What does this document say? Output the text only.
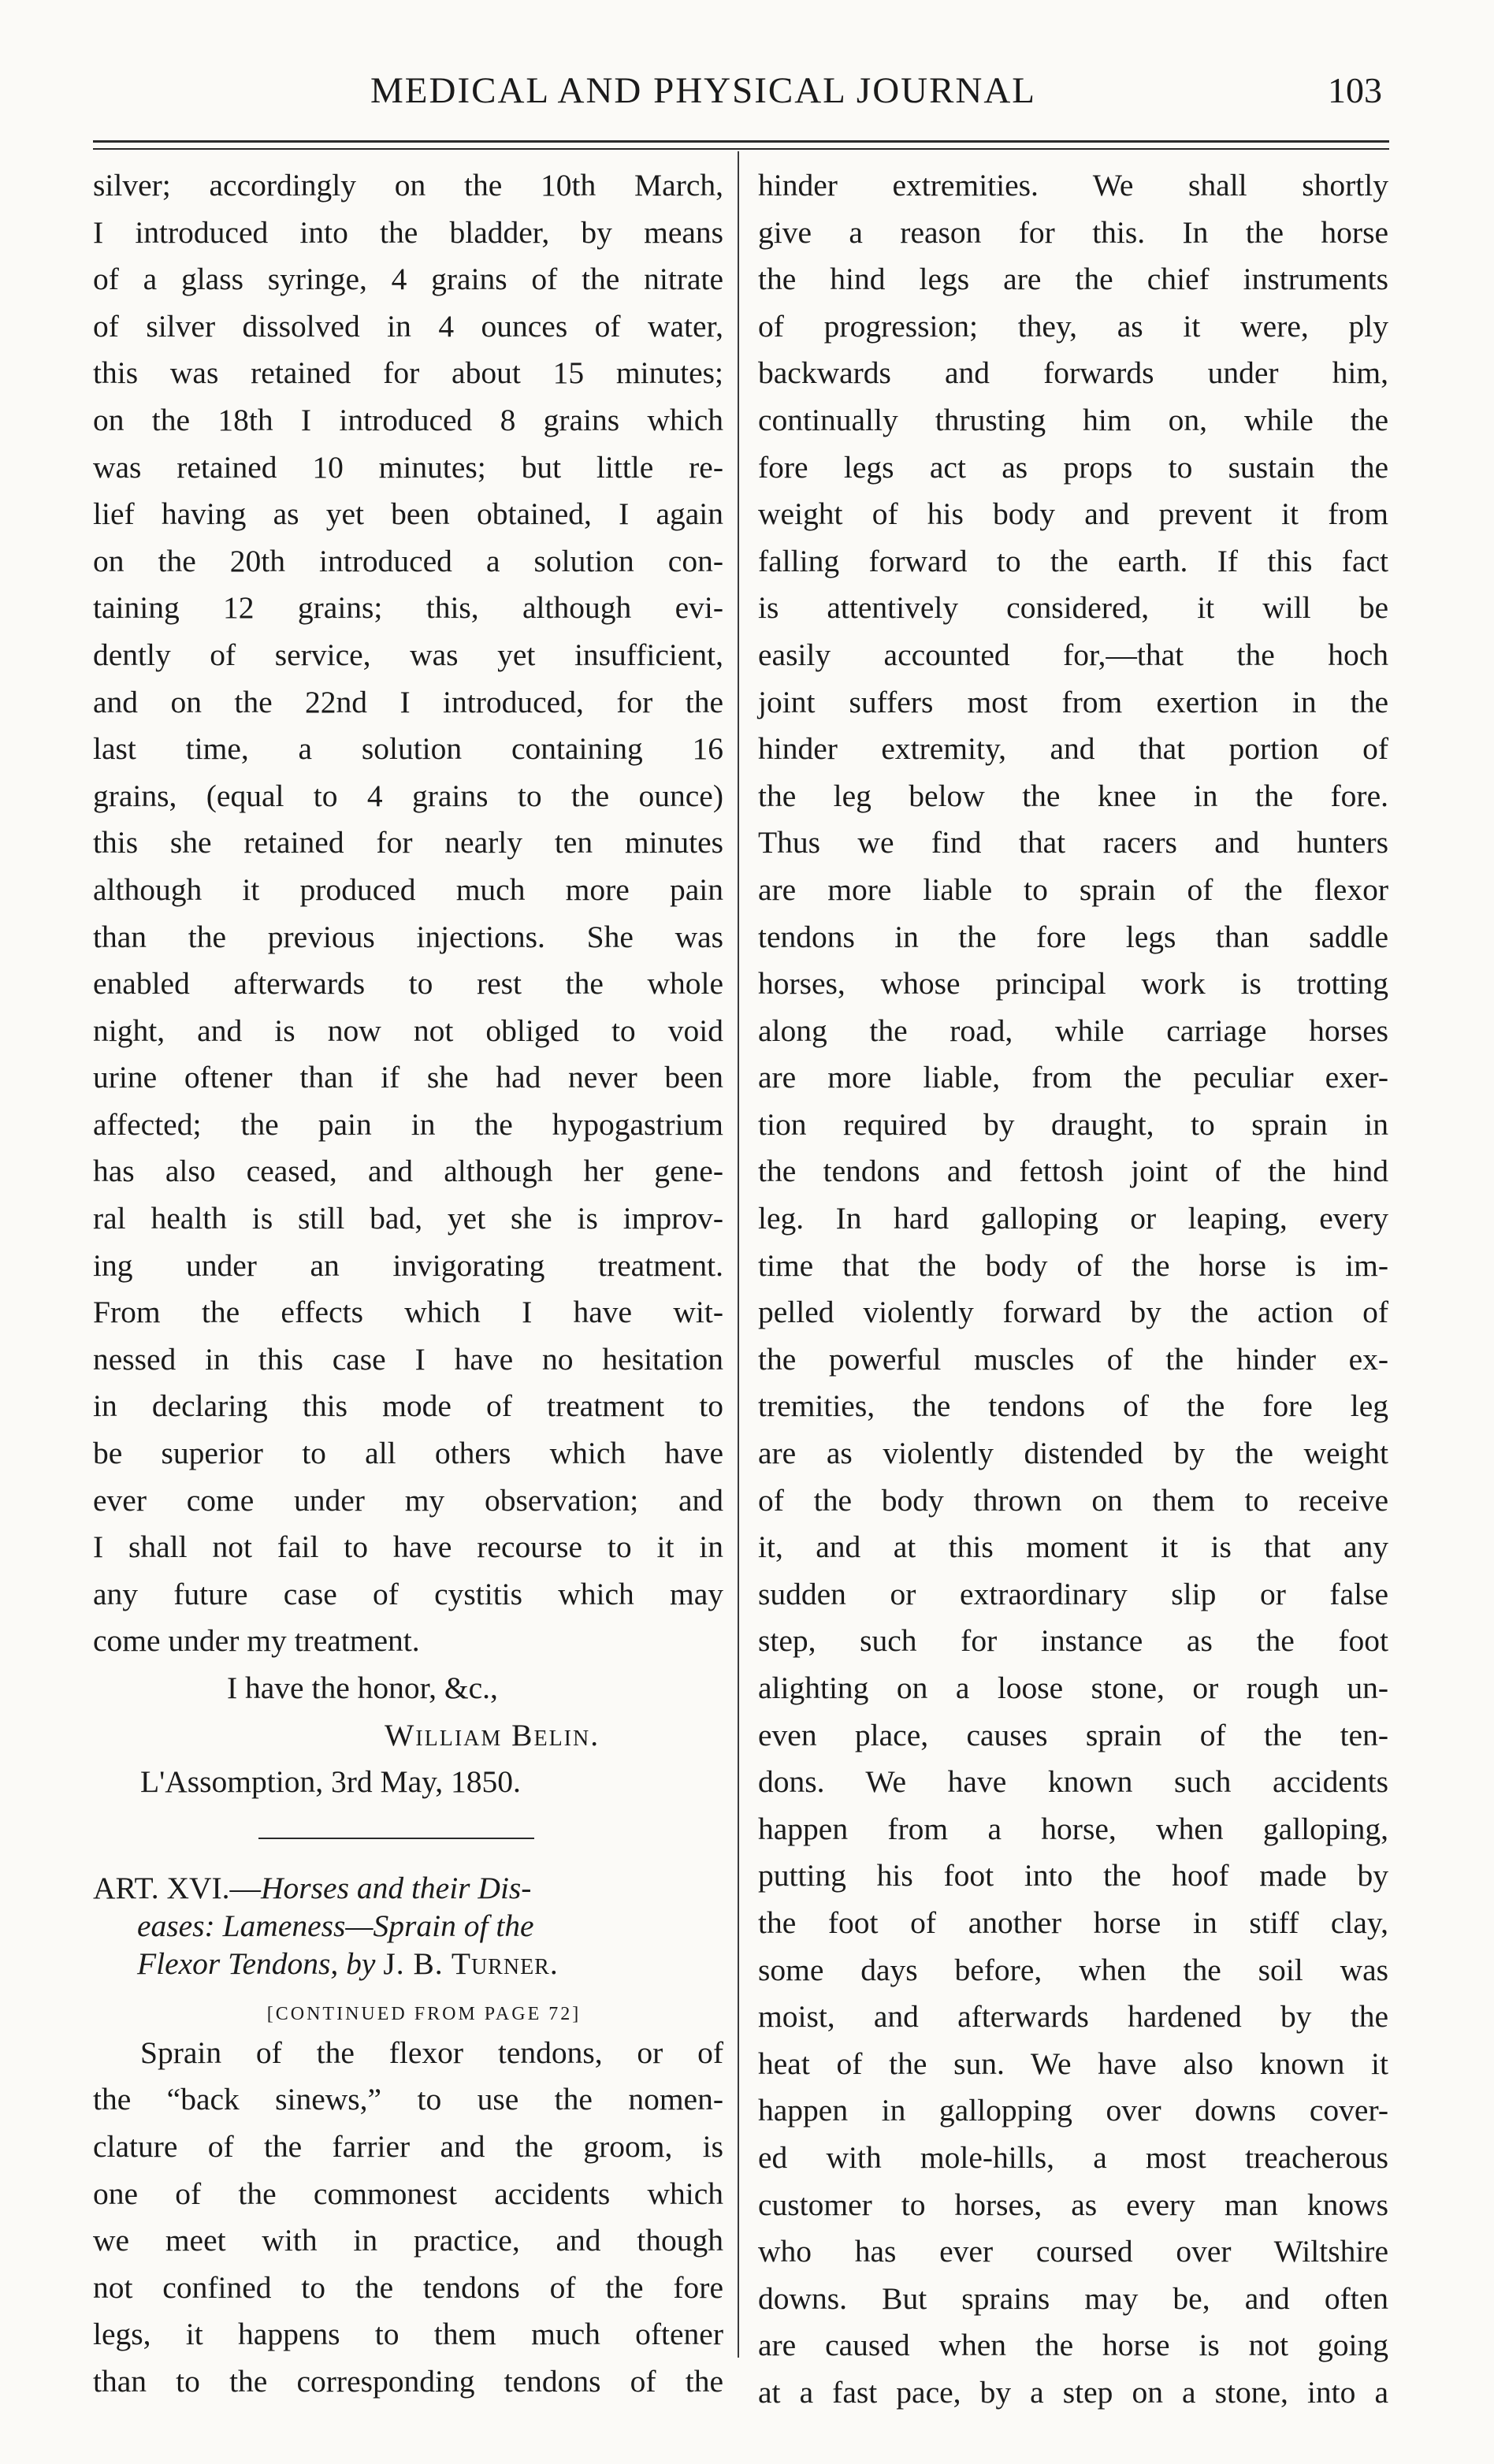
MEDICAL AND PHYSICAL JOURNAL	103
silver; accordingly on the 10th March,
I introduced into the bladder, by means
of a glass syringe, 4 grains of the nitrate
of silver dissolved in 4 ounces of water,
this was retained for about 15 minutes;
on the 18th I introduced 8 grains which
was retained 10 minutes; but little re-
lief having as yet been obtained, I again
on the 20th introduced a solution con-
taining 12 grains; this, although evi-
dently of service, was yet insufficient,
and on the 22nd I introduced, for the
last time, a solution containing 16
grains, (equal to 4 grains to the ounce)
this she retained for nearly ten minutes
although it produced much more pain
than the previous injections. She was
enabled afterwards to rest the whole
night, and is now not obliged to void
urine oftener than if she had never been
affected; the pain in the hypogastrium
has also ceased, and although her gene-
ral health is still bad, yet she is improv-
ing under an invigorating treatment.
From the effects which I have wit-
nessed in this case I have no hesitation
in declaring this mode of treatment to
be superior to all others which have
ever come under my observation; and
I shall not fail to have recourse to it in
any future case of cystitis which may
come under my treatment.
I have the honor, &c.,
William Belin.
L'Assomption, 3rd May, 1850.
ART. XVI.—Horses and their Dis-
eases: Lameness—Sprain of the
Flexor Tendons, by J. B. Turner.
[CONTINUED FROM PAGE 72]
Sprain of the flexor tendons, or of
the “back sinews,” to use the nomen-
clature of the farrier and the groom, is
one of the commonest accidents which
we meet with in practice, and though
not confined to the tendons of the fore
legs, it happens to them much oftener
than to the corresponding tendons of the
hinder extremities. We shall shortly
give a reason for this. In the horse
the hind legs are the chief instruments
of progression; they, as it were, ply
backwards and forwards under him,
continually thrusting him on, while the
fore legs act as props to sustain the
weight of his body and prevent it from
falling forward to the earth. If this fact
is attentively considered, it will be
easily accounted for,—that the hoch
joint suffers most from exertion in the
hinder extremity, and that portion of
the leg below the knee in the fore.
Thus we find that racers and hunters
are more liable to sprain of the flexor
tendons in the fore legs than saddle
horses, whose principal work is trotting
along the road, while carriage horses
are more liable, from the peculiar exer-
tion required by draught, to sprain in
the tendons and fettosh joint of the hind
leg. In hard galloping or leaping, every
time that the body of the horse is im-
pelled violently forward by the action of
the powerful muscles of the hinder ex-
tremities, the tendons of the fore leg
are as violently distended by the weight
of the body thrown on them to receive
it, and at this moment it is that any
sudden or extraordinary slip or false
step, such for instance as the foot
alighting on a loose stone, or rough un-
even place, causes sprain of the ten-
dons. We have known such accidents
happen from a horse, when galloping,
putting his foot into the hoof made by
the foot of another horse in stiff clay,
some days before, when the soil was
moist, and afterwards hardened by the
heat of the sun. We have also known it
happen in gallopping over downs cover-
ed with mole-hills, a most treacherous
customer to horses, as every man knows
who has ever coursed over Wiltshire
downs. But sprains may be, and often
are caused when the horse is not going
at a fast pace, by a step on a stone, into a
